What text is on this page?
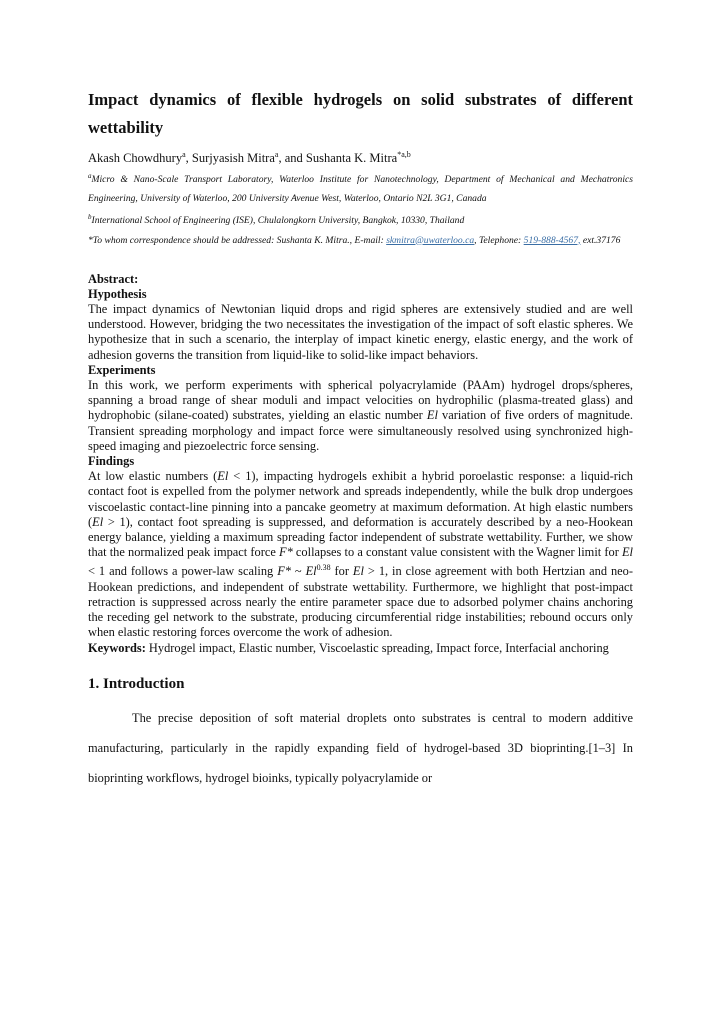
Impact dynamics of flexible hydrogels on solid substrates of different wettability
Akash Chowdhury$^a$, Surjyasish Mitra$^a$, and Sushanta K. Mitra$^{*a,b}$
$^a$Micro & Nano-Scale Transport Laboratory, Waterloo Institute for Nanotechnology, Department of Mechanical and Mechatronics Engineering, University of Waterloo, 200 University Avenue West, Waterloo, Ontario N2L 3G1, Canada
$^b$International School of Engineering (ISE), Chulalongkorn University, Bangkok, 10330, Thailand
*To whom correspondence should be addressed: Sushanta K. Mitra., E-mail: skmitra@uwaterloo.ca, Telephone: 519-888-4567, ext.37176
Abstract:
Hypothesis

The impact dynamics of Newtonian liquid drops and rigid spheres are extensively studied and are well understood. However, bridging the two necessitates the investigation of the impact of soft elastic spheres. We hypothesize that in such a scenario, the interplay of impact kinetic energy, elastic energy, and the work of adhesion governs the transition from liquid-like to solid-like impact behaviors.

Experiments

In this work, we perform experiments with spherical polyacrylamide (PAAm) hydrogel drops/spheres, spanning a broad range of shear moduli and impact velocities on hydrophilic (plasma-treated glass) and hydrophobic (silane-coated) substrates, yielding an elastic number El variation of five orders of magnitude. Transient spreading morphology and impact force were simultaneously resolved using synchronized high-speed imaging and piezoelectric force sensing.

Findings

At low elastic numbers (El < 1), impacting hydrogels exhibit a hybrid poroelastic response: a liquid-rich contact foot is expelled from the polymer network and spreads independently, while the bulk drop undergoes viscoelastic contact-line pinning into a pancake geometry at maximum deformation. At high elastic numbers (El > 1), contact foot spreading is suppressed, and deformation is accurately described by a neo-Hookean energy balance, yielding a maximum spreading factor independent of substrate wettability. Further, we show that the normalized peak impact force F* collapses to a constant value consistent with the Wagner limit for El < 1 and follows a power-law scaling F* ~ $El^{0.38}$ for El > 1, in close agreement with both Hertzian and neo-Hookean predictions, and independent of substrate wettability. Furthermore, we highlight that post-impact retraction is suppressed across nearly the entire parameter space due to adsorbed polymer chains anchoring the receding gel network to the substrate, producing circumferential ridge instabilities; rebound occurs only when elastic restoring forces overcome the work of adhesion.

Keywords: Hydrogel impact, Elastic number, Viscoelastic spreading, Impact force, Interfacial anchoring

1. Introduction

The precise deposition of soft material droplets onto substrates is central to modern additive manufacturing, particularly in the rapidly expanding field of hydrogel-based 3D bioprinting.[1–3] In bioprinting workflows, hydrogel bioinks, typically polyacrylamide or
